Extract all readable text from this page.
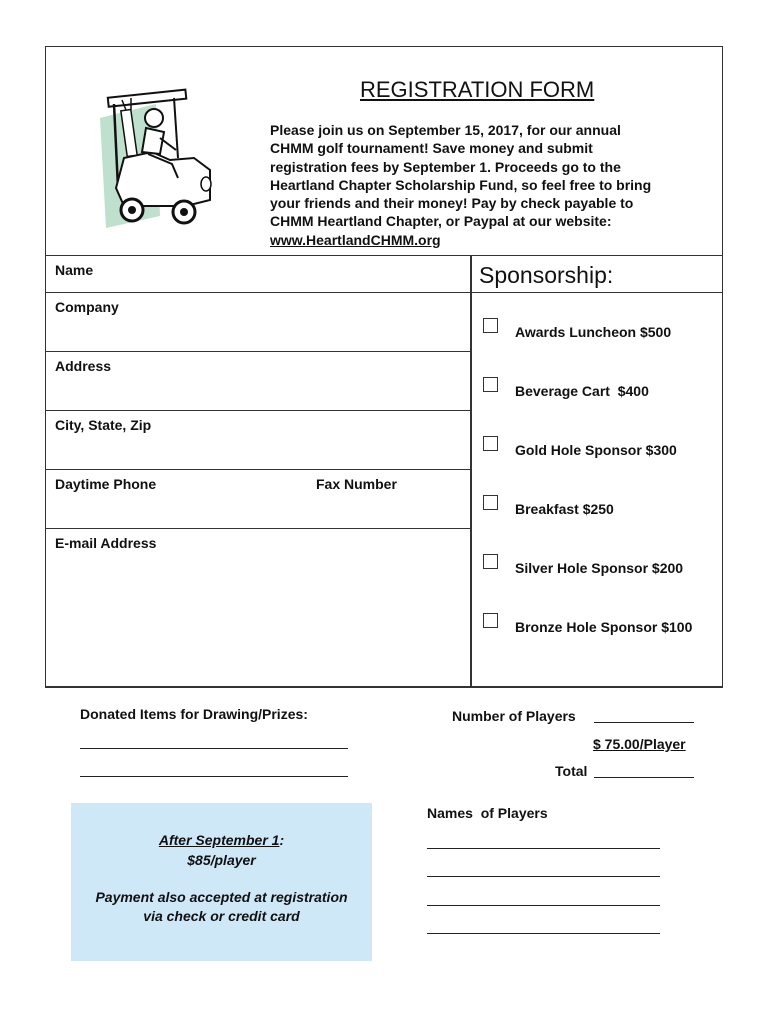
REGISTRATION FORM
Please join us on September 15, 2017, for our annual
CHMM golf tournament! Save money and submit
registration fees by September 1. Proceeds go to the
Heartland Chapter Scholarship Fund, so feel free to bring
your friends and their money! Pay by check payable to
CHMM Heartland Chapter, or Paypal at our website:
www.HeartlandCHMM.org
Name
Company
Address
City, State, Zip
Daytime Phone	Fax Number
E-mail Address
Sponsorship:
Awards Luncheon $500
Beverage Cart  $400
Gold Hole Sponsor $300
Breakfast $250
Silver Hole Sponsor $200
Bronze Hole Sponsor $100
Donated Items for Drawing/Prizes:
After September 1:
$85/player
Payment also accepted at registration
via check or credit card
Number of Players
$ 75.00/Player
Total
Names  of Players
